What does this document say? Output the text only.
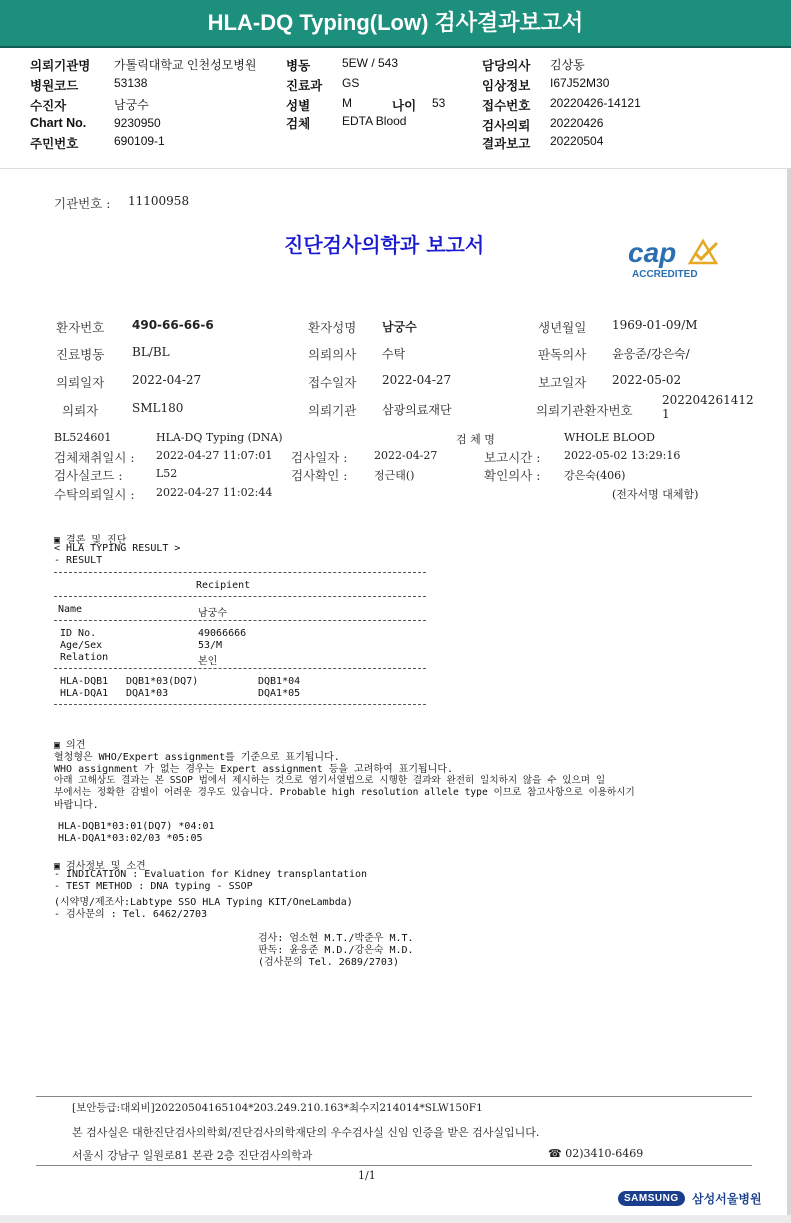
HLA-DQ Typing(Low) 검사결과보고서
의뢰기관명 가톨릭대학교 인천성모병원
병원코드	53138
수진자	남궁수
Chart No. 9230950
주민번호	690109-1
병동	5EW / 543
진료과 GS
성별	M	나이 53
검체	EDTA Blood
담당의사 김상동
임상정보 I67J52M30
접수번호 20220426-14121
검사의뢰 20220426
결과보고 20220504
기관번호 : 11100958
진단검사의학과 보고서	cap
ACCREDITED
환자번호 490-66-66-6	환자성명 남궁수	생년월일 1969-01-09/M
진료병동 BL/BL	의뢰의사 수탁	판독의사 윤응준/강은숙/
의뢰일자 2022-04-27	접수일자 2022-04-27	보고일자 2022-05-02
의뢰자	SML180	의뢰기관 삼광의료재단	의뢰기관환자번호
202204261412
1
BL524601	HLA-DQ Typing (DNA)	검 체 명	WHOLE BLOOD
검체채취일시 : 2022-04-27 11:07:01 검사일자 : 2022-04-27	보고시간 : 2022-05-02 13:29:16
검사실코드 :	L52	검사확인 : 정근태()	확인의사 : 강은숙(406)
수탁의뢰일시 : 2022-04-27 11:02:44	(전자서명 대체함)
▣ 결론 및 진단
< HLA TYPING RESULT >
- RESULT
Recipient
Name	남궁수
ID No.	49066666
Age/Sex	53/M
Relation	본인
HLA-DQB1 DQB1*03(DQ7)	DQB1*04
HLA-DQA1 DQA1*03	DQA1*05
▣ 의견
혈청형은 WHO/Expert assignment를 기준으로 표기됩니다.
WHO assignment 가 없는 경우는 Expert assignment 등을 고려하여 표기됩니다.
아래 고해상도 결과는 본 SSOP 법에서 제시하는 것으로 염기서열법으로 시행한 결과와 완전히 일치하지 않을 수 있으며 일
부에서는 정확한 감별이 어려운 경우도 있습니다. Probable high resolution allele type 이므로 참고사항으로 이용하시기
바랍니다.
HLA-DQB1*03:01(DQ7) *04:01
HLA-DQA1*03:02/03 *05:05
▣ 검사정보 및 소견
- INDICATION : Evaluation for Kidney transplantation
- TEST METHOD : DNA typing - SSOP
(시약명/제조사:Labtype SSO HLA Typing KIT/OneLambda)
- 검사문의 : Tel. 6462/2703
검사: 엄소현 M.T./박준우 M.T.
판독: 윤응준 M.D./강은숙 M.D.
(검사문의 Tel. 2689/2703)
[보안등급:대외비]20220504165104*203.249.210.163*최수지214014*SLW150F1
본 검사실은 대한진단검사의학회/진단검사의학재단의 우수검사실 신임 인증을 받은 검사실입니다.
서울시 강남구 일원로81 본관 2층 진단검사의학과	☎ 02)3410-6469
1/1
SAMSUNG	삼성서울병원
